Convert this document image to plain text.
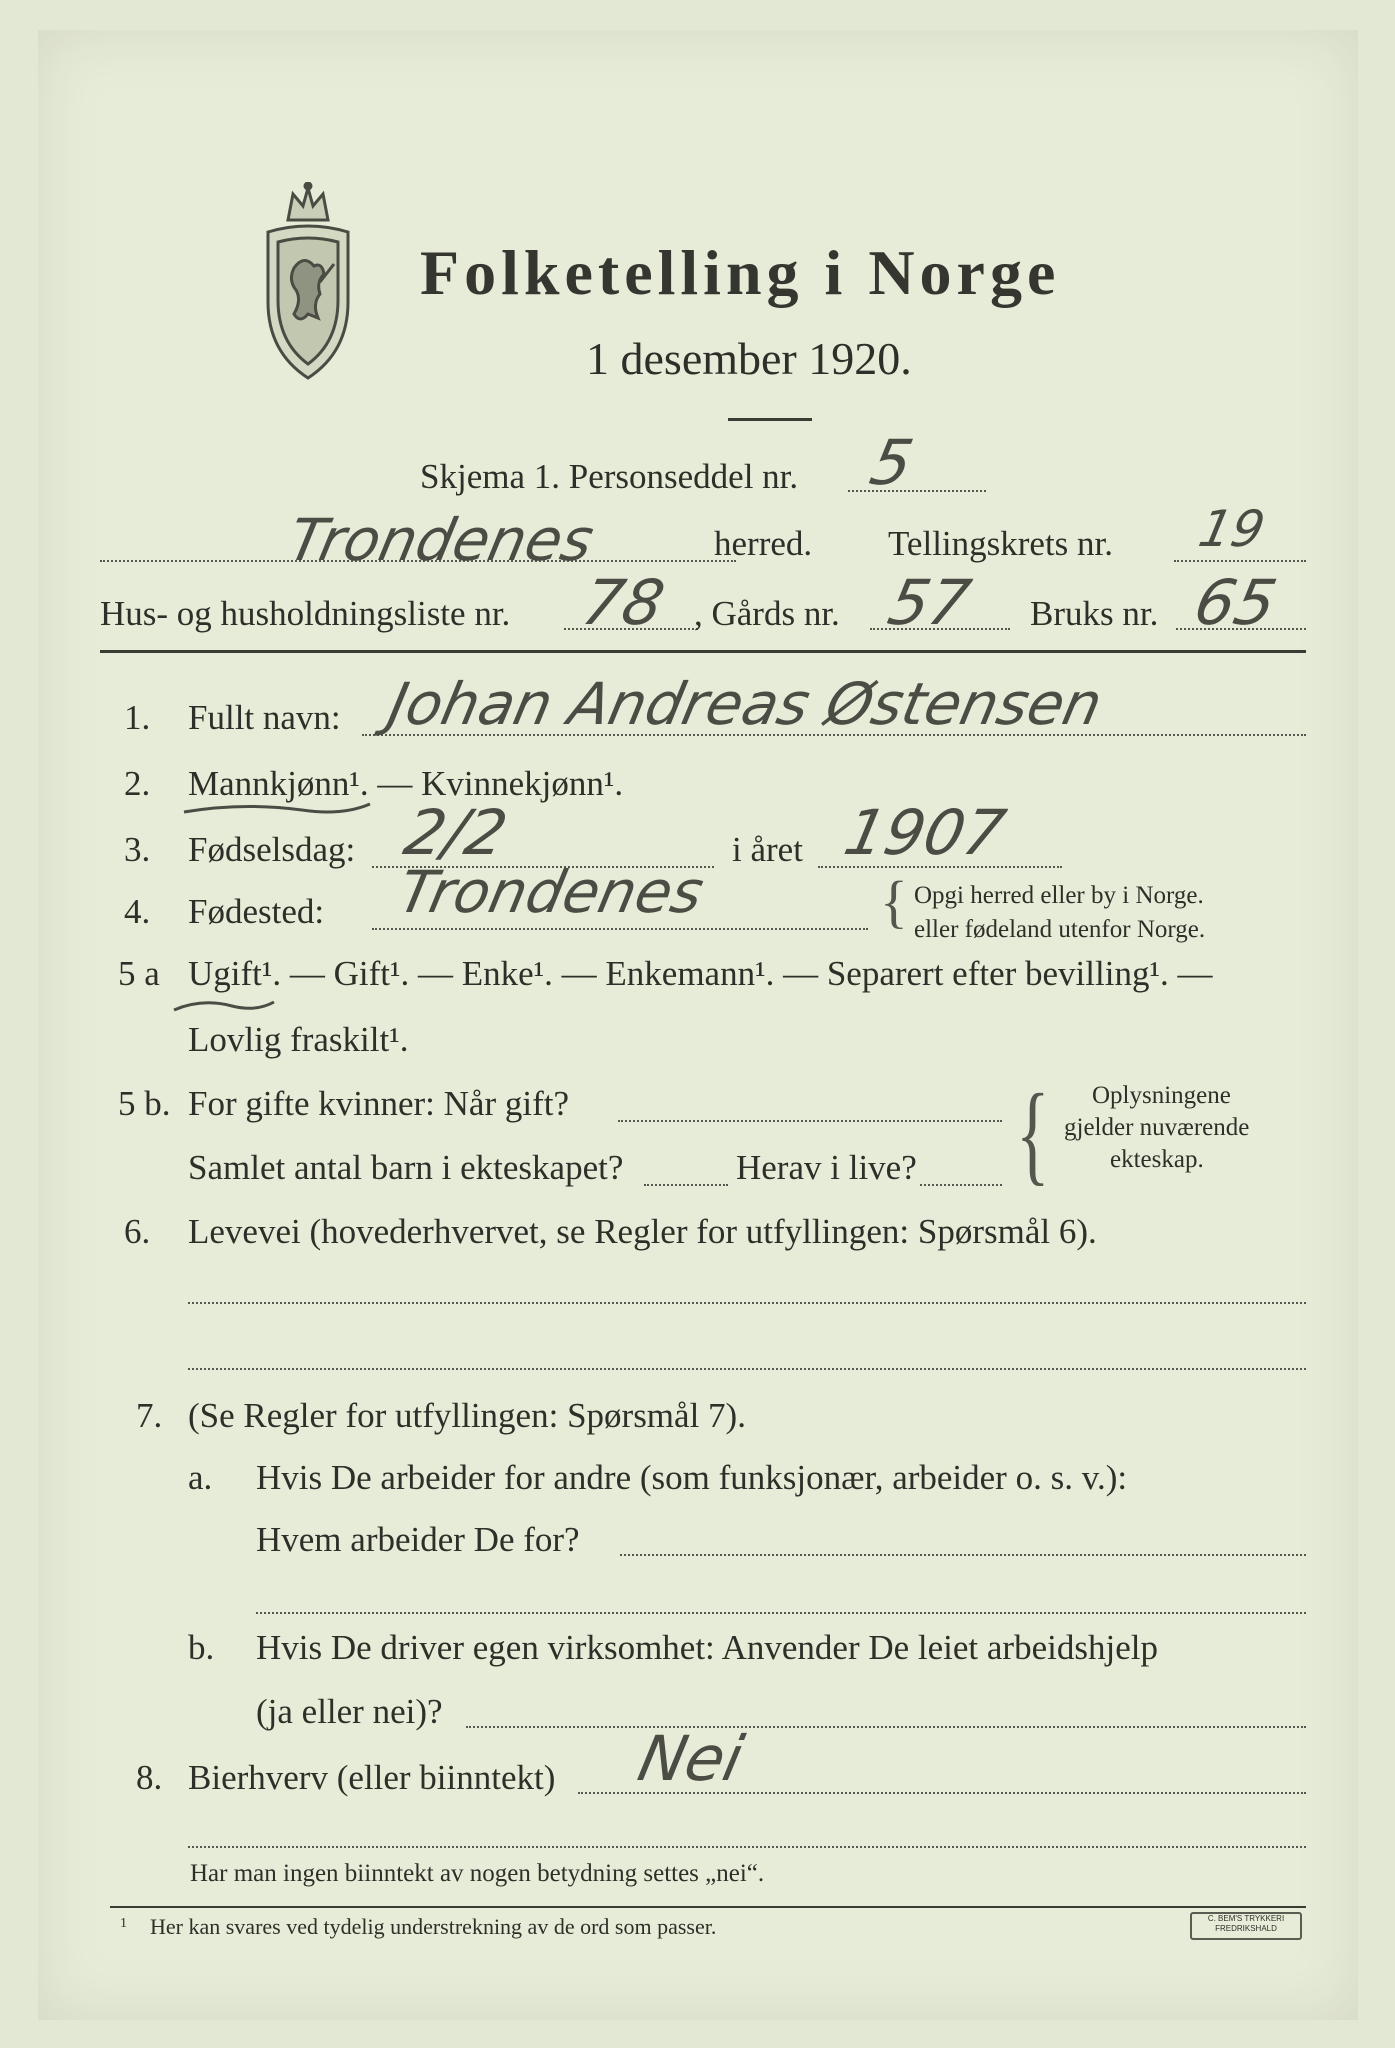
Folketelling i Norge
1 desember 1920.
Skjema 1. Personseddel nr. 5
Trondenes	herred. Tellingskrets nr. 19
Hus- og husholdningsliste nr. 78 , Gårds nr. 57 Bruks nr. 65
1. Fullt navn: Johan Andreas Østensen
2. Mannkjønn¹. — Kvinnekjønn¹.
3. Fødselsdag: 2/2	i året 1907
4. Fødested: Trondenes	{ Opgi herred eller by i Norge.
eller fødeland utenfor Norge.
5 a Ugift¹. — Gift¹. — Enke¹. — Enkemann¹. — Separert efter bevilling¹. —
Lovlig fraskilt¹.
5 b. For gifte kvinner: Når gift?
Samlet antal barn i ekteskapet?	Herav i live? { Oplysningene
gjelder nuværende
ekteskap.
6. Levevei (hovederhvervet, se Regler for utfyllingen: Spørsmål 6).
7. (Se Regler for utfyllingen: Spørsmål 7).
a. Hvis De arbeider for andre (som funksjonær, arbeider o. s. v.):
Hvem arbeider De for?
b. Hvis De driver egen virksomhet: Anvender De leiet arbeidshjelp
(ja eller nei)?
8. Bierhverv (eller biinntekt) Nei
Har man ingen biinntekt av nogen betydning settes „nei“.
1 Her kan svares ved tydelig understrekning av de ord som passer.	C. BEM'S TRYKKERI
FREDRIKSHALD
